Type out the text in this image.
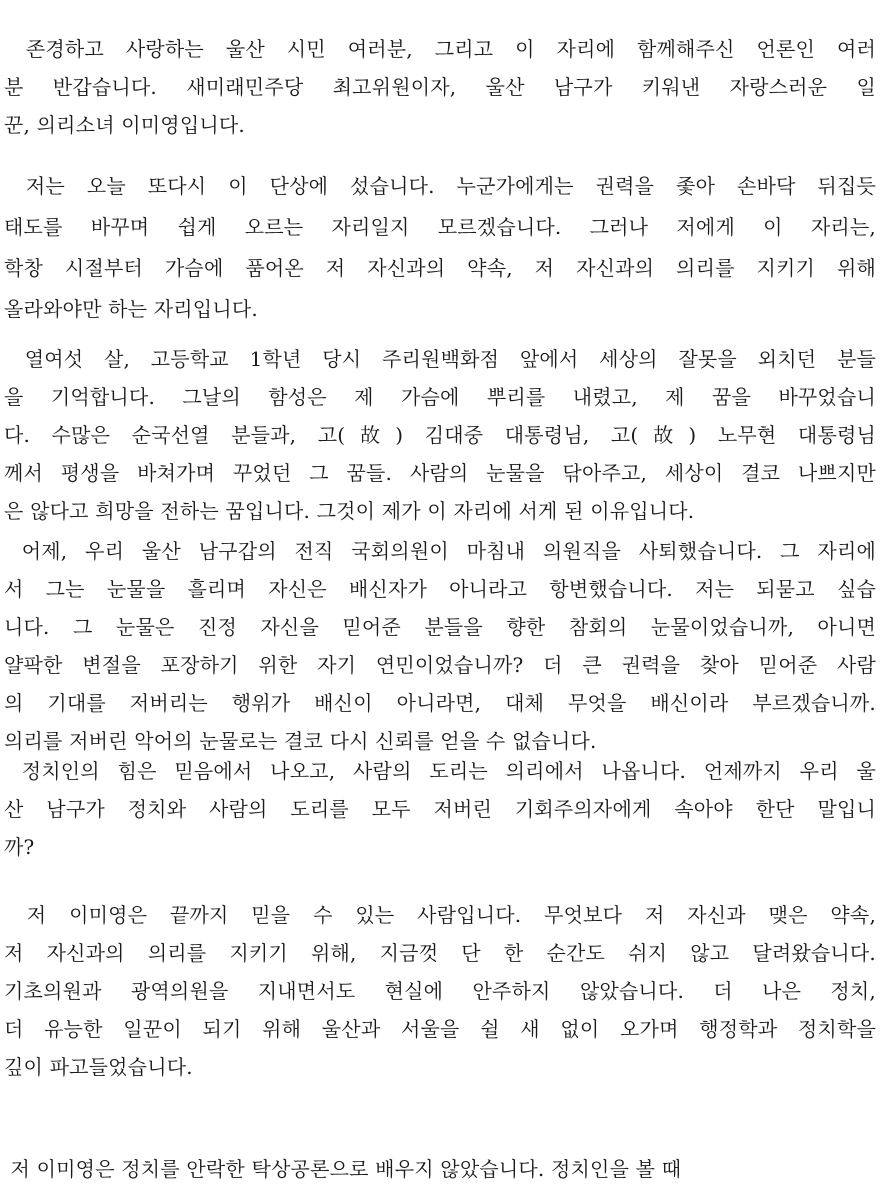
존경하고 사랑하는 울산 시민 여러분, 그리고 이 자리에 함께해주신 언론인 여러
분 반갑습니다. 새미래민주당 최고위원이자, 울산 남구가 키워낸 자랑스러운 일
꾼, 의리소녀 이미영입니다.
저는 오늘 또다시 이 단상에 섰습니다. 누군가에게는 권력을 좇아 손바닥 뒤집듯
태도를 바꾸며 쉽게 오르는 자리일지 모르겠습니다. 그러나 저에게 이 자리는,
학창 시절부터 가슴에 품어온 저 자신과의 약속, 저 자신과의 의리를 지키기 위해
올라와야만 하는 자리입니다.
열여섯 살, 고등학교 1학년 당시 주리원백화점 앞에서 세상의 잘못을 외치던 분들
을 기억합니다. 그날의 함성은 제 가슴에 뿌리를 내렸고, 제 꿈을 바꾸었습니
다. 수많은 순국선열 분들과, 고(故) 김대중 대통령님, 고(故) 노무현 대통령님
께서 평생을 바쳐가며 꾸었던 그 꿈들. 사람의 눈물을 닦아주고, 세상이 결코 나쁘지만
은 않다고 희망을 전하는 꿈입니다. 그것이 제가 이 자리에 서게 된 이유입니다.
어제, 우리 울산 남구갑의 전직 국회의원이 마침내 의원직을 사퇴했습니다. 그 자리에
서 그는 눈물을 흘리며 자신은 배신자가 아니라고 항변했습니다. 저는 되묻고 싶습
니다. 그 눈물은 진정 자신을 믿어준 분들을 향한 참회의 눈물이었습니까, 아니면
얄팍한 변절을 포장하기 위한 자기 연민이었습니까? 더 큰 권력을 찾아 믿어준 사람
의 기대를 저버리는 행위가 배신이 아니라면, 대체 무엇을 배신이라 부르겠습니까.
의리를 저버린 악어의 눈물로는 결코 다시 신뢰를 얻을 수 없습니다.
정치인의 힘은 믿음에서 나오고, 사람의 도리는 의리에서 나옵니다. 언제까지 우리 울
산 남구가 정치와 사람의 도리를 모두 저버린 기회주의자에게 속아야 한단 말입니
까?
저 이미영은 끝까지 믿을 수 있는 사람입니다. 무엇보다 저 자신과 맺은 약속,
저 자신과의 의리를 지키기 위해, 지금껏 단 한 순간도 쉬지 않고 달려왔습니다.
기초의원과 광역의원을 지내면서도 현실에 안주하지 않았습니다. 더 나은 정치,
더 유능한 일꾼이 되기 위해 울산과 서울을 쉴 새 없이 오가며 행정학과 정치학을
깊이 파고들었습니다.
저 이미영은 정치를 안락한 탁상공론으로 배우지 않았습니다. 정치인을 볼 때
